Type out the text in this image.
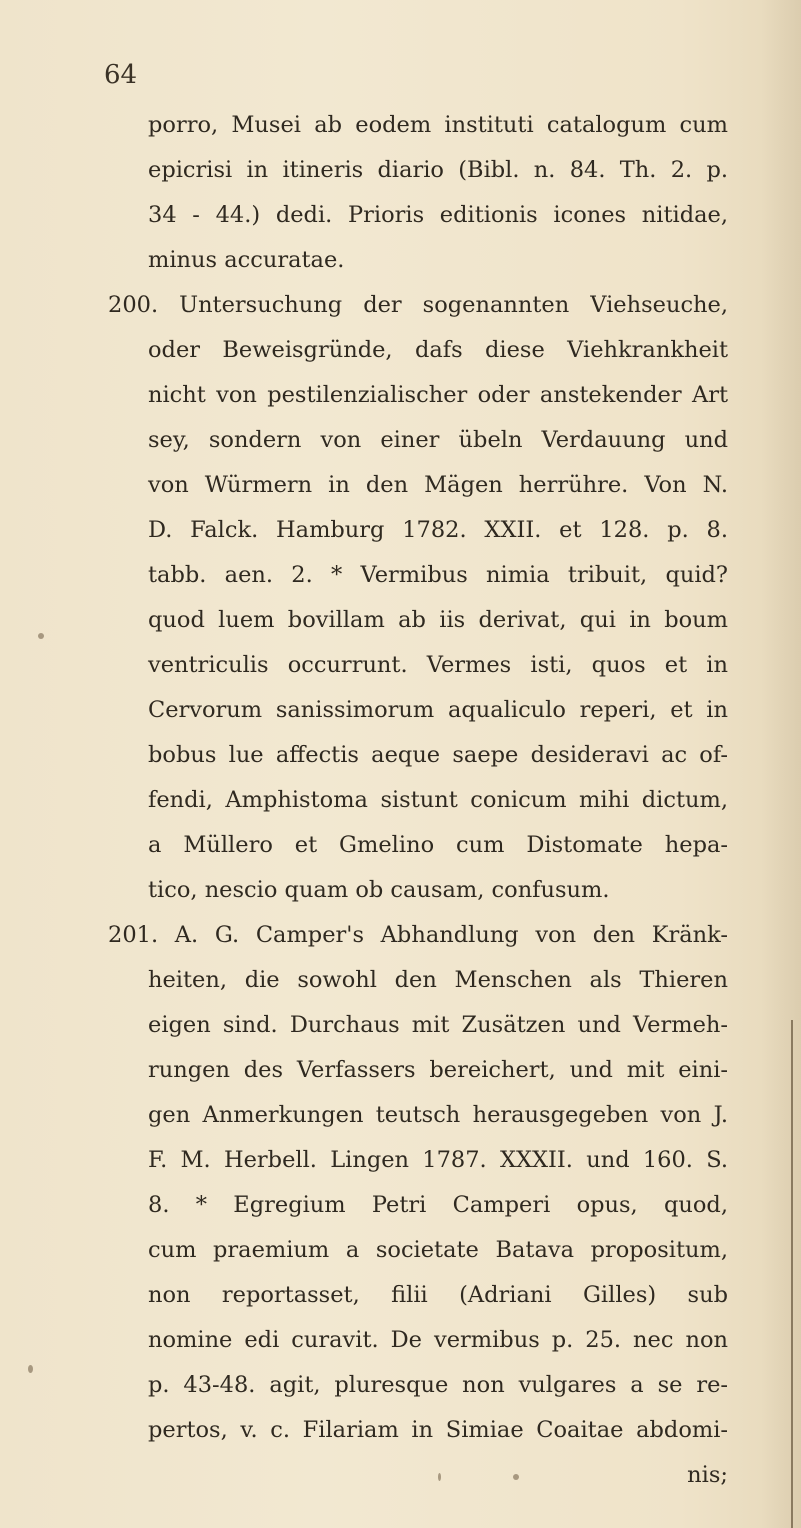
64
porro, Musei ab eodem instituti catalogum cum
epicrisi in itineris diario (Bibl. n. 84. Th. 2. p.
34 - 44.) dedi. Prioris editionis icones nitidae,
minus accuratae.
200. Untersuchung der sogenannten Viehseuche,
oder Beweisgründe, dafs diese Viehkrankheit
nicht von pestilenzialischer oder anstekender Art
sey, sondern von einer übeln Verdauung und
von Würmern in den Mägen herrühre. Von N.
D. Falck. Hamburg 1782. XXII. et 128. p. 8.
tabb. aen. 2. * Vermibus nimia tribuit, quid?
quod luem bovillam ab iis derivat, qui in boum
ventriculis occurrunt. Vermes isti, quos et in
Cervorum sanissimorum aqualiculo reperi, et in
bobus lue affectis aeque saepe desideravi ac of-
fendi, Amphistoma sistunt conicum mihi dictum,
a Müllero et Gmelino cum Distomate hepa-
tico, nescio quam ob causam, confusum.
201. A. G. Camper's Abhandlung von den Kränk-
heiten, die sowohl den Menschen als Thieren
eigen sind. Durchaus mit Zusätzen und Vermeh-
rungen des Verfassers bereichert, und mit eini-
gen Anmerkungen teutsch herausgegeben von J.
F. M. Herbell. Lingen 1787. XXXII. und 160. S.
8. * Egregium Petri Camperi opus, quod,
cum praemium a societate Batava propositum,
non reportasset, filii (Adriani Gilles) sub
nomine edi curavit. De vermibus p. 25. nec non
p. 43-48. agit, pluresque non vulgares a se re-
pertos, v. c. Filariam in Simiae Coaitae abdomi-
nis;
